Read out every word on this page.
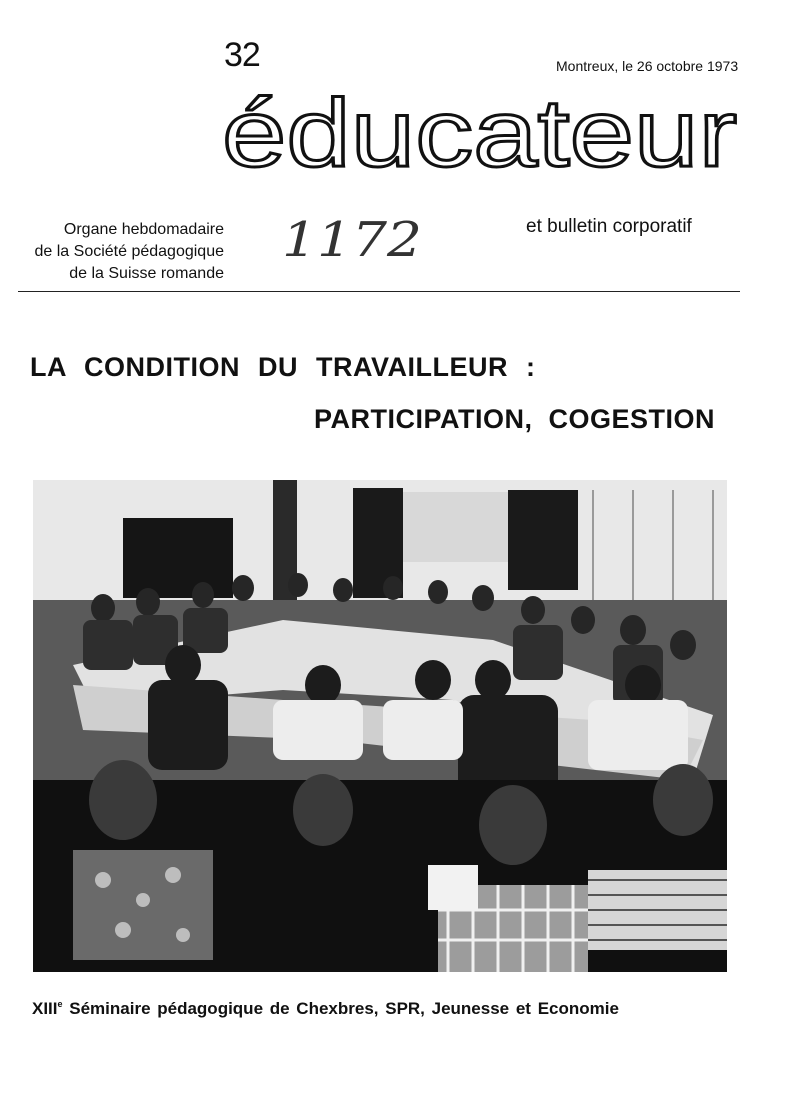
32	Montreux, le 26 octobre 1973
éducateur
Organe hebdomadaire
de la Société pédagogique
de la Suisse romande
1172	et bulletin corporatif
LA CONDITION DU TRAVAILLEUR :
PARTICIPATION, COGESTION
XIIIe Séminaire pédagogique de Chexbres, SPR, Jeunesse et Economie
